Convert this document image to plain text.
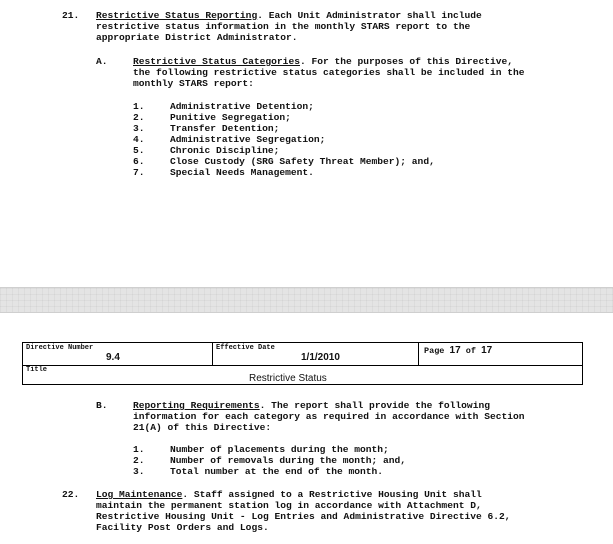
21. Restrictive Status Reporting. Each Unit Administrator shall include
restrictive status information in the monthly STARS report to the
appropriate District Administrator.
A.	Restrictive Status Categories. For the purposes of this Directive,
the following restrictive status categories shall be included in the
monthly STARS report:
1.	Administrative Detention;
2.	Punitive Segregation;
3.	Transfer Detention;
4.	Administrative Segregation;
5.	Chronic Discipline;
6.	Close Custody (SRG Safety Threat Member); and,
7.	Special Needs Management.
Directive Number
9.4
Effective Date
1/1/2010
Page 17 of 17
Title
Restrictive Status
B.	Reporting Requirements. The report shall provide the following
information for each category as required in accordance with Section
21(A) of this Directive:
1.	Number of placements during the month;
2.	Number of removals during the month; and,
3.	Total number at the end of the month.
22. Log Maintenance. Staff assigned to a Restrictive Housing Unit shall
maintain the permanent station log in accordance with Attachment D,
Restrictive Housing Unit - Log Entries and Administrative Directive 6.2,
Facility Post Orders and Logs.
